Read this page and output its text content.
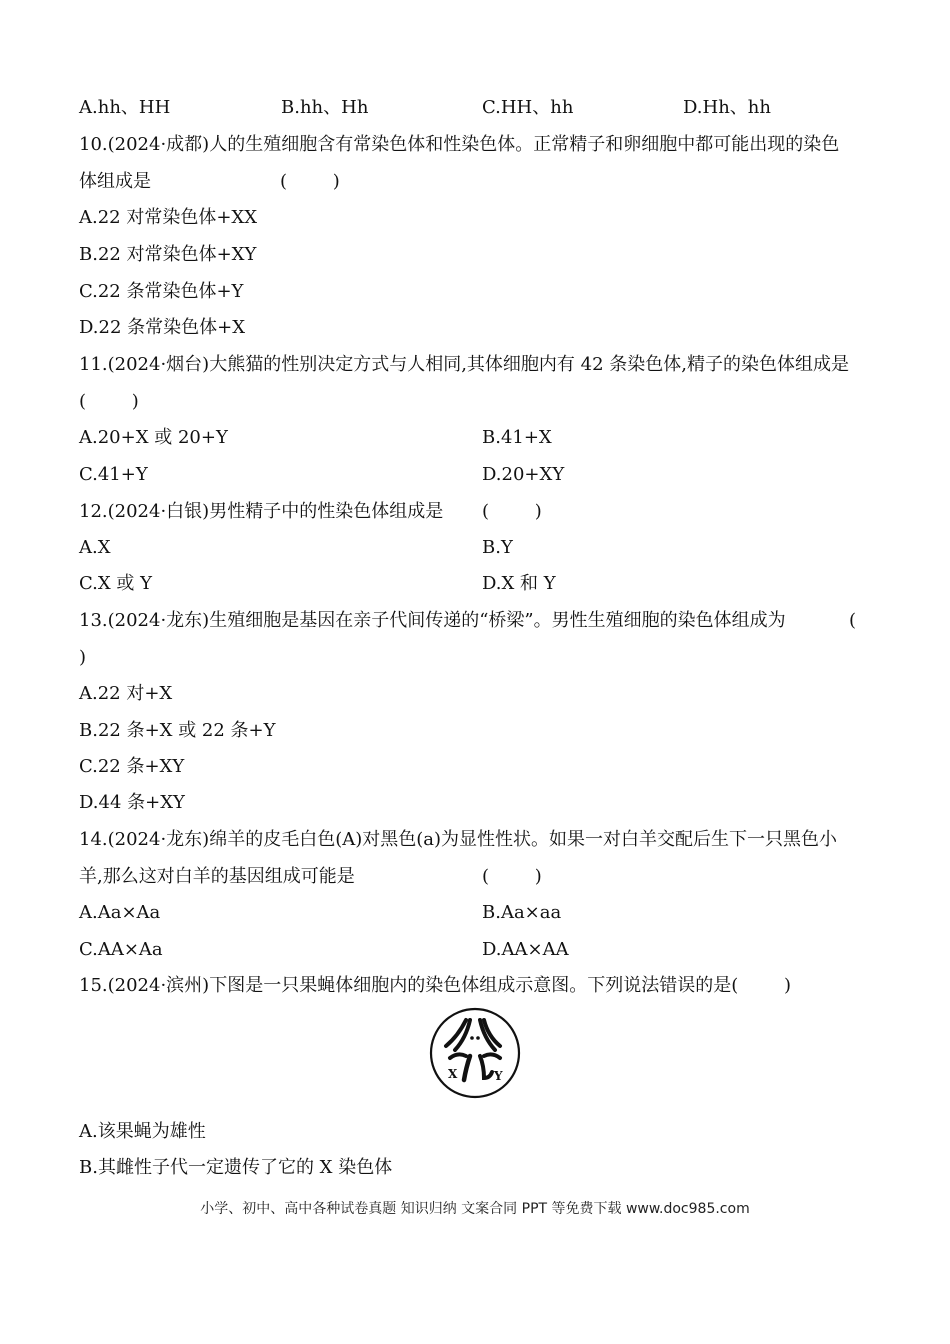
A.hh、HH	B.hh、Hh	C.HH、hh	D.Hh、hh
10.(2024·成都)人的生殖细胞含有常染色体和性染色体。正常精子和卵细胞中都可能出现的染色
体组成是	(        )
A.22 对常染色体+XX
B.22 对常染色体+XY
C.22 条常染色体+Y
D.22 条常染色体+X
11.(2024·烟台)大熊猫的性别决定方式与人相同,其体细胞内有 42 条染色体,精子的染色体组成是
(        )
A.20+X 或 20+Y	B.41+X
C.41+Y	D.20+XY
12.(2024·白银)男性精子中的性染色体组成是 (        )
A.X	B.Y
C.X 或 Y	D.X 和 Y
13.(2024·龙东)生殖细胞是基因在亲子代间传递的“桥梁”。男性生殖细胞的染色体组成为	(
)
A.22 对+X
B.22 条+X 或 22 条+Y
C.22 条+XY
D.44 条+XY
14.(2024·龙东)绵羊的皮毛白色(A)对黑色(a)为显性性状。如果一对白羊交配后生下一只黑色小
羊,那么这对白羊的基因组成可能是	(        )
A.Aa×Aa	B.Aa×aa
C.AA×Aa	D.AA×AA
15.(2024·滨州)下图是一只果蝇体细胞内的染色体组成示意图。下列说法错误的是(        )
X	Y
A.该果蝇为雄性
B.其雌性子代一定遗传了它的 X 染色体
小学、初中、高中各种试卷真题 知识归纳 文案合同 PPT 等免费下载 www.doc985.com
